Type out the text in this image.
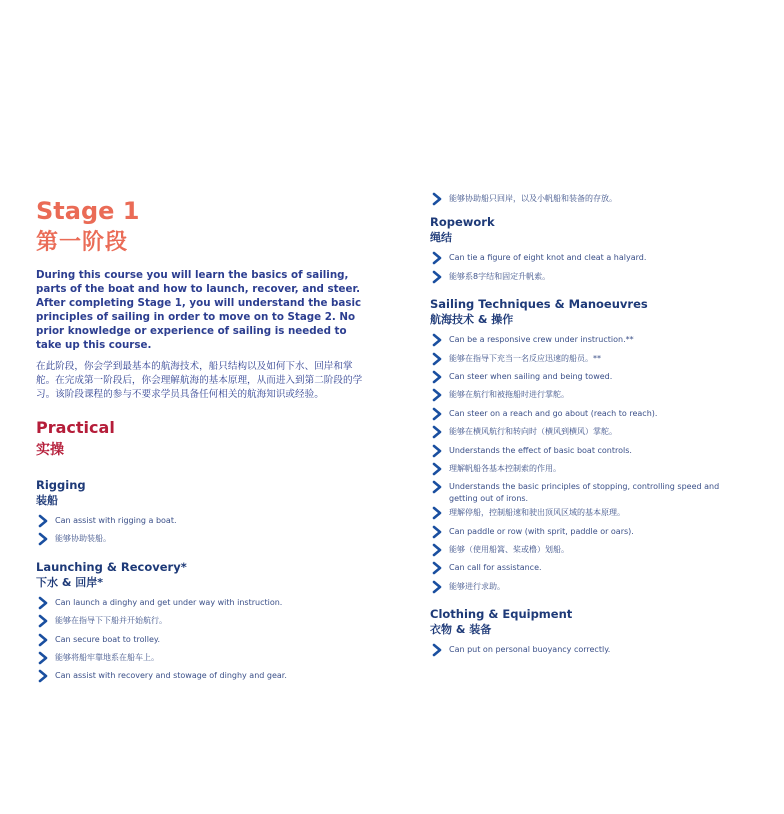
Stage 1
第一阶段

During this course you will learn the basics of sailing, parts of the boat and how to launch, recover, and steer. After completing Stage 1, you will understand the basic principles of sailing in order to move on to Stage 2. No prior knowledge or experience of sailing is needed to take up this course.

在此阶段，你会学到最基本的航海技术，船只结构以及如何下水、回岸和掌舵。在完成第一阶段后，你会理解航海的基本原理，从而进入到第二阶段的学习。该阶段课程的参与不要求学员具备任何相关的航海知识或经验。

Practical
实操
Rigging
装船
Can assist with rigging a boat.
能够协助装船。
Launching & Recovery*
下水 & 回岸*
Can launch a dinghy and get under way with instruction.
能够在指导下下船并开始航行。
Can secure boat to trolley.
能够将船牢靠地系在船车上。
Can assist with recovery and stowage of dinghy and gear.
能够协助船只回岸，以及小帆船和装备的存放。
Ropework
绳结
Can tie a figure of eight knot and cleat a halyard.
能够系8字结和固定升帆索。
Sailing Techniques & Manoeuvres
航海技术 & 操作
Can be a responsive crew under instruction.**
能够在指导下充当一名反应迅速的船员。**
Can steer when sailing and being towed.
能够在航行和被拖船时进行掌舵。
Can steer on a reach and go about (reach to reach).
能够在横风航行和转向时（横风到横风）掌舵。
Understands the effect of basic boat controls.
理解帆船各基本控制索的作用。
Understands the basic principles of stopping, controlling speed and getting out of irons.
理解停船，控制船速和驶出顶风区域的基本原理。
Can paddle or row (with sprit, paddle or oars).
能够（使用船篙、桨或橹）划船。
Can call for assistance.
能够进行求助。
Clothing & Equipment
衣物 & 装备
Can put on personal buoyancy correctly.
